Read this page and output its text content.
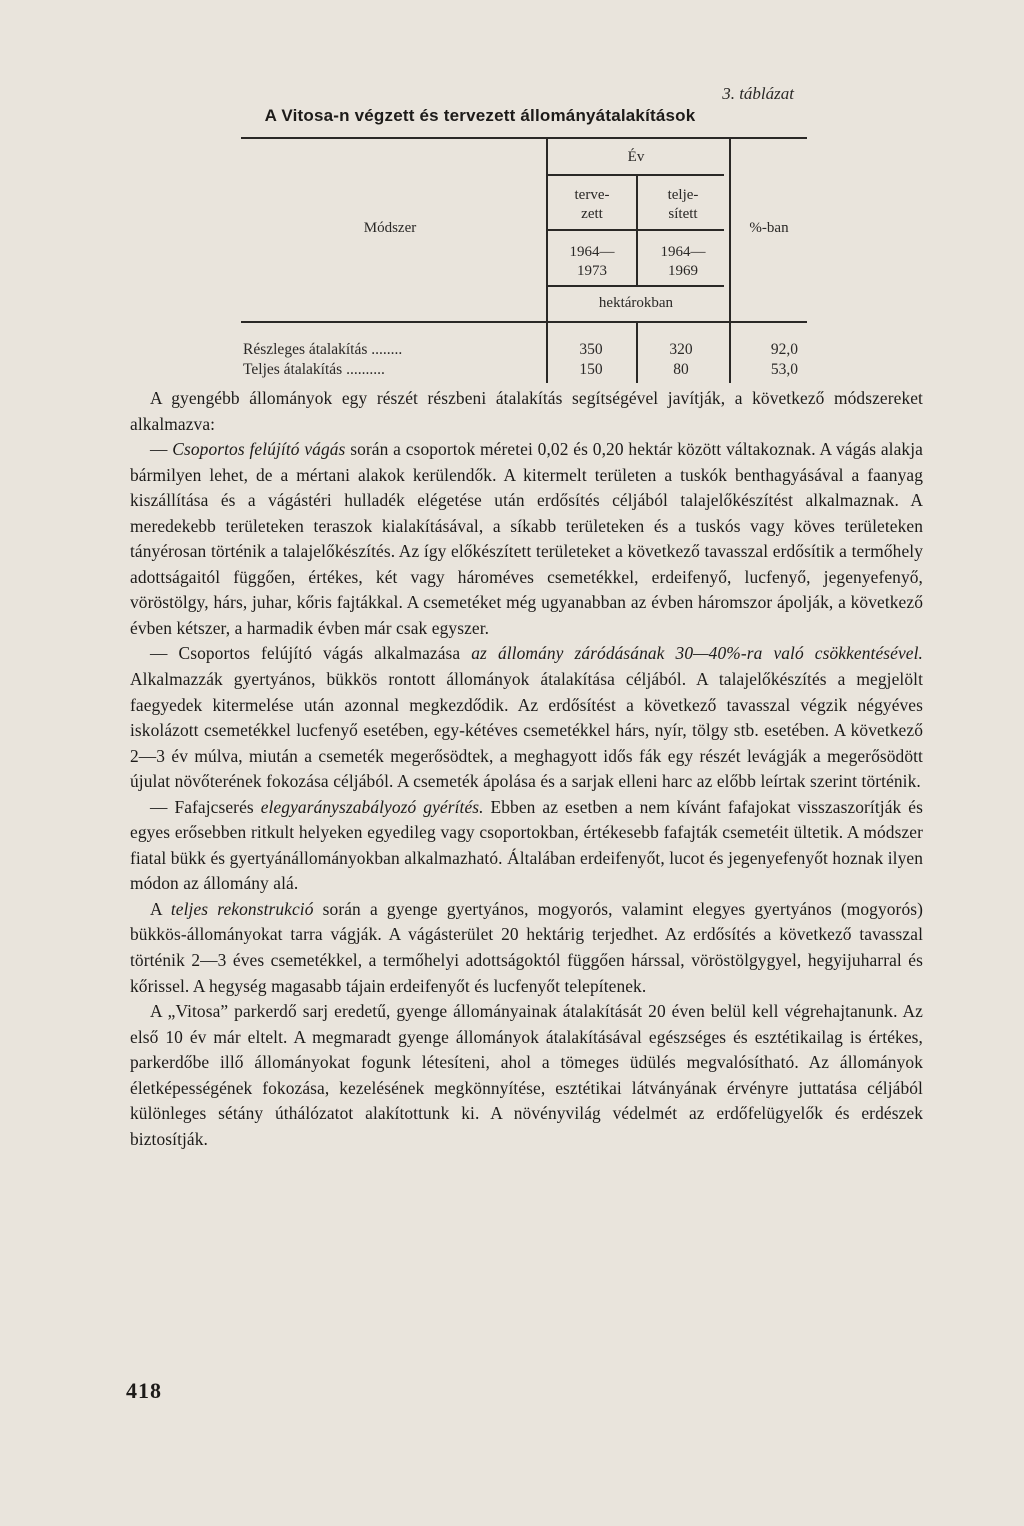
3. táblázat
A Vitosa-n végzett és tervezett állományátalakítások
Módszer
Év
terve-
zett
telje-
sített
1964—
1973
1964—
1969
hektárokban
%-ban
Részleges átalakítás ........	350	320	92,0
Teljes átalakítás ..........	150	80	53,0

A gyengébb állományok egy részét részbeni átalakítás segítségével javítják, a következő módszereket alkalmazva:

— Csoportos felújító vágás során a csoportok méretei 0,02 és 0,20 hektár között váltakoznak. A vágás alakja bármilyen lehet, de a mértani alakok kerülendők. A kitermelt területen a tuskók benthagyásával a faanyag kiszállítása és a vágástéri hulladék elégetése után erdősítés céljából talajelőkészítést alkalmaznak. A meredekebb területeken teraszok kialakításával, a síkabb területeken és a tuskós vagy köves területeken tányérosan történik a talajelőkészítés. Az így előkészített területeket a következő tavasszal erdősítik a termőhely adottságaitól függően, értékes, két vagy hároméves csemetékkel, erdeifenyő, lucfenyő, jegenyefenyő, vöröstölgy, hárs, juhar, kőris fajtákkal. A csemetéket még ugyanabban az évben háromszor ápolják, a következő évben kétszer, a harmadik évben már csak egyszer.

— Csoportos felújító vágás alkalmazása az állomány záródásának 30—40%-ra való csökkentésével. Alkalmazzák gyertyános, bükkös rontott állományok átalakítása céljából. A talajelőkészítés a megjelölt faegyedek kitermelése után azonnal megkezdődik. Az erdősítést a következő tavasszal végzik négyéves iskolázott csemetékkel lucfenyő esetében, egy-kétéves csemetékkel hárs, nyír, tölgy stb. esetében. A következő 2—3 év múlva, miután a csemeték megerősödtek, a meghagyott idős fák egy részét levágják a megerősödött újulat növőterének fokozása céljából. A csemeték ápolása és a sarjak elleni harc az előbb leírtak szerint történik.

— Fafajcserés elegyarányszabályozó gyérítés. Ebben az esetben a nem kívánt fafajokat visszaszorítják és egyes erősebben ritkult helyeken egyedileg vagy csoportokban, értékesebb fafajták csemetéit ültetik. A módszer fiatal bükk és gyertyánállományokban alkalmazható. Általában erdeifenyőt, lucot és jegenyefenyőt hoznak ilyen módon az állomány alá.

A teljes rekonstrukció során a gyenge gyertyános, mogyorós, valamint elegyes gyertyános (mogyorós) bükkös-állományokat tarra vágják. A vágásterület 20 hektárig terjedhet. Az erdősítés a következő tavasszal történik 2—3 éves csemetékkel, a termőhelyi adottságoktól függően hárssal, vöröstölgygyel, hegyijuharral és kőrissel. A hegység magasabb tájain erdeifenyőt és lucfenyőt telepítenek.

A „Vitosa” parkerdő sarj eredetű, gyenge állományainak átalakítását 20 éven belül kell végrehajtanunk. Az első 10 év már eltelt. A megmaradt gyenge állományok átalakításával egészséges és esztétikailag is értékes, parkerdőbe illő állományokat fogunk létesíteni, ahol a tömeges üdülés megvalósítható. Az állományok életképességének fokozása, kezelésének megkönnyítése, esztétikai látványának érvényre juttatása céljából különleges sétány úthálózatot alakítottunk ki. A növényvilág védelmét az erdőfelügyelők és erdészek biztosítják.

418
